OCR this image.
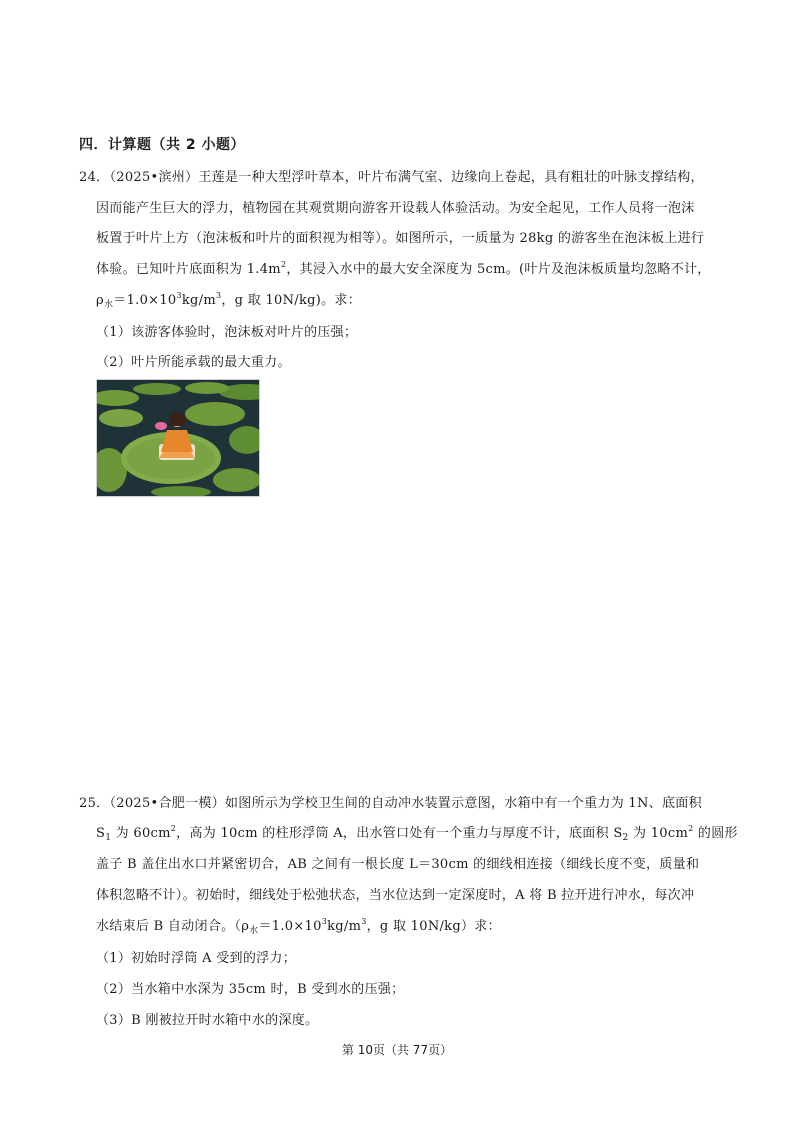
四．计算题（共 2 小题）
24．（2025•滨州）王莲是一种大型浮叶草本，叶片布满气室、边缘向上卷起，具有粗壮的叶脉支撑结构，
因而能产生巨大的浮力，植物园在其观赏期向游客开设载人体验活动。为安全起见，工作人员将一泡沫
板置于叶片上方（泡沫板和叶片的面积视为相等）。如图所示，一质量为 28kg 的游客坐在泡沫板上进行
体验。已知叶片底面积为 $1.4m^2$，其浸入水中的最大安全深度为 5cm。(叶片及泡沫板质量均忽略不计，
$\rho_水=1.0\times 10^3kg/m^3$，g 取 10N/kg)。求：
（1）该游客体验时，泡沫板对叶片的压强；
（2）叶片所能承载的最大重力。
25．（2025•合肥一模）如图所示为学校卫生间的自动冲水装置示意图，水箱中有一个重力为 1N、底面积
$S_1$ 为 $60cm^2$，高为 10cm 的柱形浮筒 A，出水管口处有一个重力与厚度不计，底面积 $S_2$ 为 $10cm^2$ 的圆形
盖子 B 盖住出水口并紧密切合，AB 之间有一根长度 L＝30cm 的细线相连接（细线长度不变，质量和
体积忽略不计）。初始时，细线处于松弛状态，当水位达到一定深度时，A 将 B 拉开进行冲水，每次冲
水结束后 B 自动闭合。（$\rho_水=1.0\times 10^3kg/m^3$，g 取 10N/kg）求：
（1）初始时浮筒 A 受到的浮力；
（2）当水箱中水深为 35cm 时，B 受到水的压强；
（3）B 刚被拉开时水箱中水的深度。
第 10页（共 77页）
